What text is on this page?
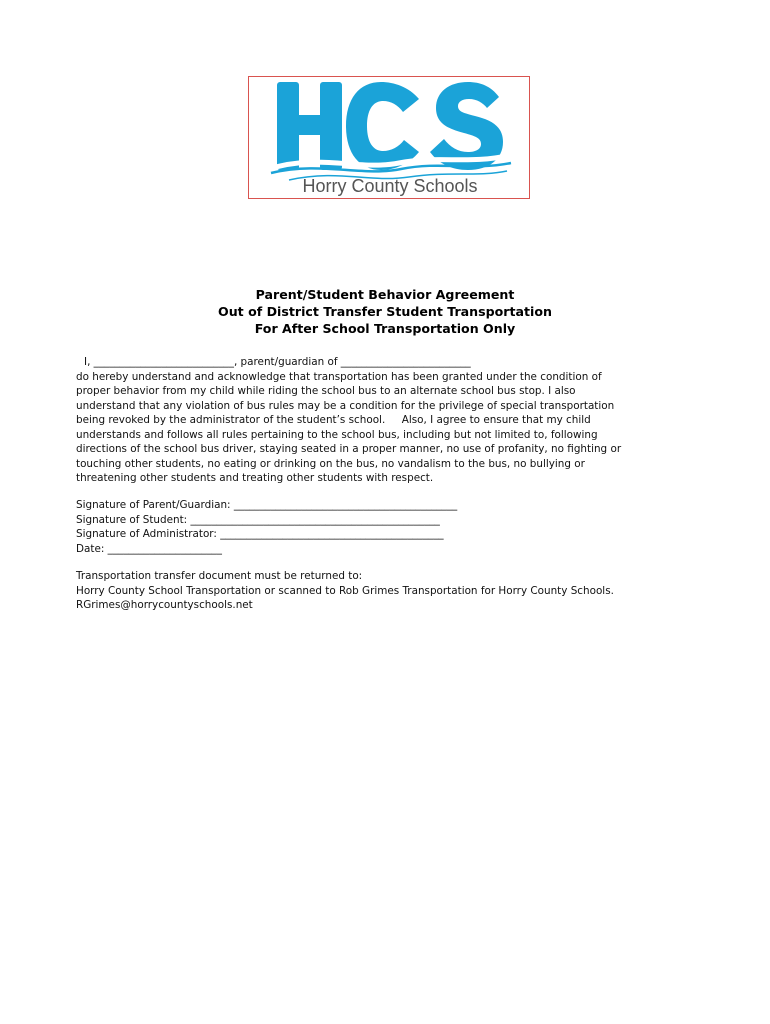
Horry County Schools
Parent/Student Behavior Agreement
Out of District Transfer Student Transportation
For After School Transportation Only
I, ___________________________, parent/guardian of _________________________
do hereby understand and acknowledge that transportation has been granted under the condition of
proper behavior from my child while riding the school bus to an alternate school bus stop. I also
understand that any violation of bus rules may be a condition for the privilege of special transportation
being revoked by the administrator of the student’s school.     Also, I agree to ensure that my child
understands and follows all rules pertaining to the school bus, including but not limited to, following
directions of the school bus driver, staying seated in a proper manner, no use of profanity, no fighting or
touching other students, no eating or drinking on the bus, no vandalism to the bus, no bullying or
threatening other students and treating other students with respect.
Signature of Parent/Guardian: ___________________________________________
Signature of Student: ________________________________________________
Signature of Administrator: ___________________________________________
Date: ______________________
Transportation transfer document must be returned to:
Horry County School Transportation or scanned to Rob Grimes Transportation for Horry County Schools.
RGrimes@horrycountyschools.net
